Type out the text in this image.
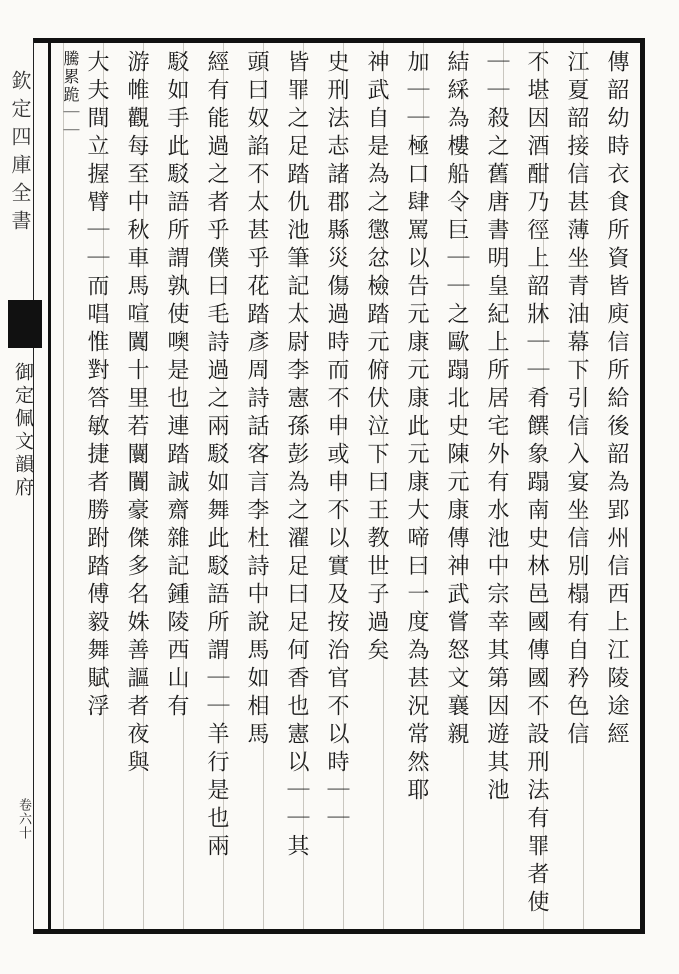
欽定四庫全書
御定佩文韻府
卷六十
傳韶幼時衣食所資皆庾信所給後韶為郢州信西上江陵途經
江夏韶接信甚薄坐青油幕下引信入宴坐信別榻有自矜色信
不堪因酒酣乃徑上韶牀｜｜肴饌象蹋南史林邑國傳國不設刑法有罪者使
｜｜殺之舊唐書明皇紀上所居宅外有水池中宗幸其第因遊其池
結綵為樓船令巨｜｜之歐蹋北史陳元康傳神武嘗怒文襄親
加｜｜極口肆罵以告元康元康此元康大啼曰一度為甚況常然耶
神武自是為之懲忿檢踏元俯伏泣下曰王教世子過矣
史刑法志諸郡縣災傷過時而不申或申不以實及按治官不以時｜｜
皆罪之足踏仇池筆記太尉李憲孫彭為之濯足曰足何香也憲以｜｜其
頭曰奴諂不太甚乎花踏彥周詩話客言李杜詩中說馬如相馬
經有能過之者乎僕曰毛詩過之兩駁如舞此駁語所謂｜｜羊行是也兩
駁如手此駁語所謂孰使噢是也連踏誠齋雜記鍾陵西山有
游帷觀每至中秋車馬喧闐十里若闤闠豪傑多名姝善謳者夜與
大夫間立握臂｜｜而唱惟對答敏捷者勝跗踏傅毅舞賦浮
騰累跪｜｜
